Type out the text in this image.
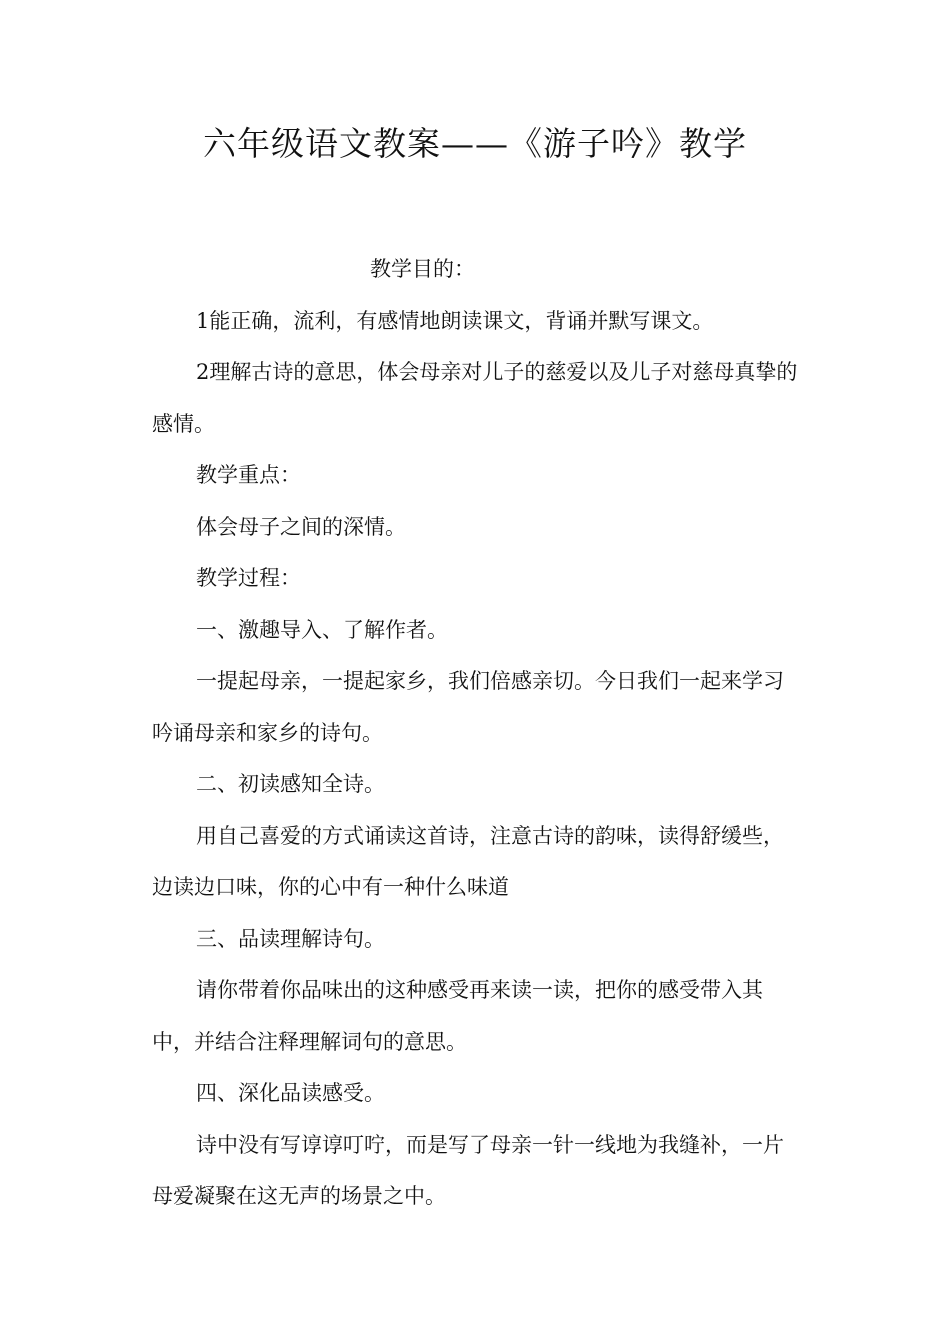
六年级语文教案——《游子吟》教学

教学目的：

1能正确，流利，有感情地朗读课文，背诵并默写课文。

2理解古诗的意思，体会母亲对儿子的慈爱以及儿子对慈母真挚的感情。

教学重点：

体会母子之间的深情。

教学过程：

一、激趣导入、了解作者。

一提起母亲，一提起家乡，我们倍感亲切。今日我们一起来学习吟诵母亲和家乡的诗句。

二、初读感知全诗。

用自己喜爱的方式诵读这首诗，注意古诗的韵味，读得舒缓些，边读边口味，你的心中有一种什么味道

三、品读理解诗句。

请你带着你品味出的这种感受再来读一读，把你的感受带入其中，并结合注释理解词句的意思。

四、深化品读感受。

诗中没有写谆谆叮咛，而是写了母亲一针一线地为我缝补，一片母爱凝聚在这无声的场景之中。
